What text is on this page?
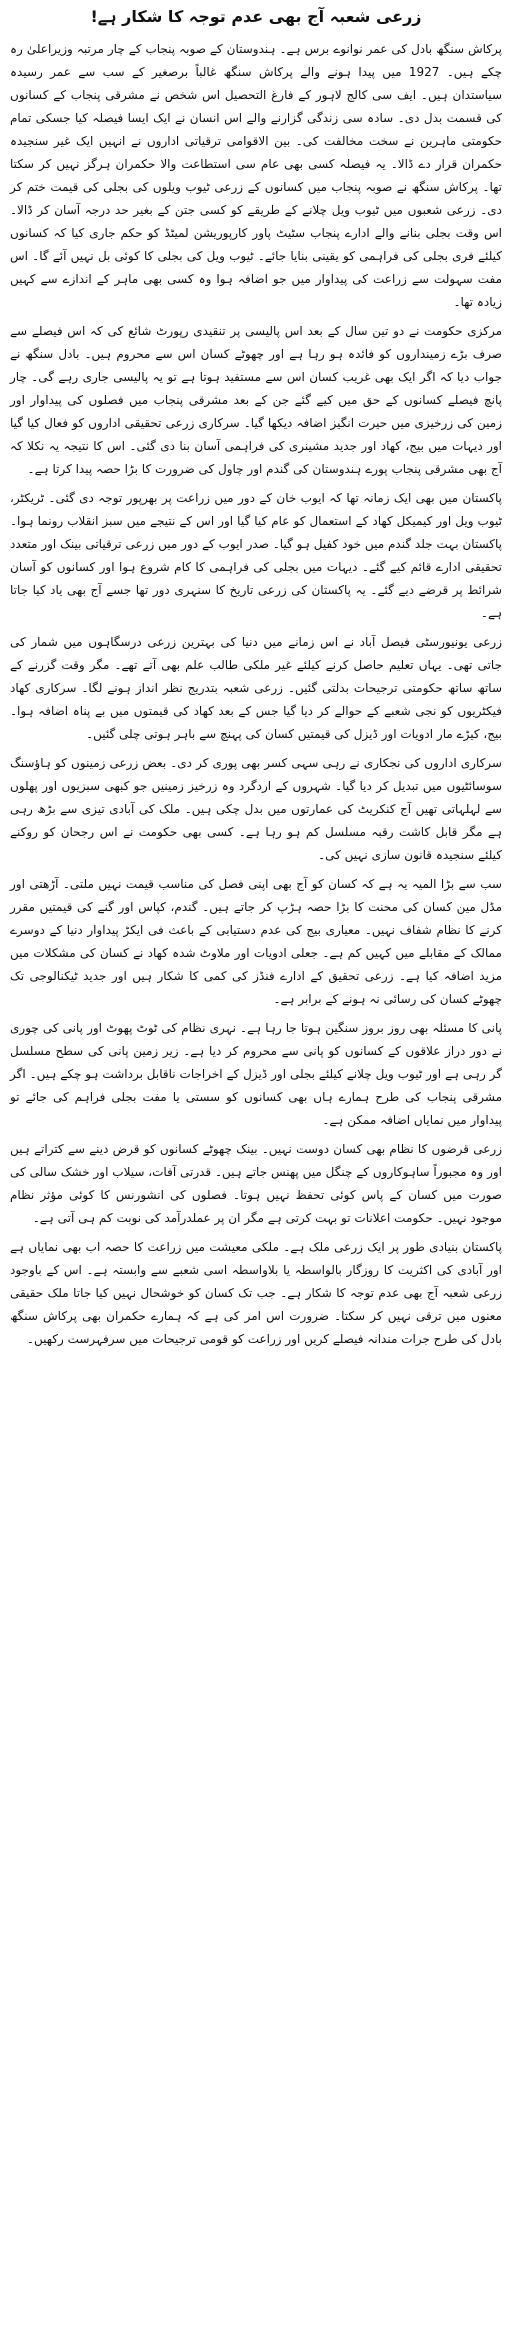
زرعی شعبہ آج بھی عدم توجہ کا شکار ہے!

پرکاش سنگھ بادل کی عمر نوانوے برس ہے۔ ہندوستان کے صوبہ پنجاب کے چار مرتبہ وزیراعلیٰ رہ چکے ہیں۔ 1927 میں پیدا ہونے والے پرکاش سنگھ غالباً برصغیر کے سب سے عمر رسیدہ سیاستدان ہیں۔ ایف سی کالج لاہور کے فارغ التحصیل اس شخص نے مشرقی پنجاب کے کسانوں کی قسمت بدل دی۔ سادہ سی زندگی گزارنے والے اس انسان نے ایک ایسا فیصلہ کیا جسکی تمام حکومتی ماہرین نے سخت مخالفت کی۔ بین الاقوامی ترقیاتی اداروں نے انہیں ایک غیر سنجیدہ حکمران قرار دے ڈالا۔ یہ فیصلہ کسی بھی عام سی استطاعت والا حکمران ہرگز نہیں کر سکتا تھا۔ پرکاش سنگھ نے صوبہ پنجاب میں کسانوں کے زرعی ٹیوب ویلوں کی بجلی کی قیمت ختم کر دی۔ زرعی شعبوں میں ٹیوب ویل چلانے کے طریقے کو کسی جتن کے بغیر حد درجہ آسان کر ڈالا۔ اس وقت بجلی بنانے والے ادارے پنجاب سٹیٹ پاور کارپوریشن لمیٹڈ کو حکم جاری کیا کہ کسانوں کیلئے فری بجلی کی فراہمی کو یقینی بنایا جائے۔ ٹیوب ویل کی بجلی کا کوئی بل نہیں آئے گا۔ اس مفت سہولت سے زراعت کی پیداوار میں جو اضافہ ہوا وہ کسی بھی ماہر کے اندازے سے کہیں زیادہ تھا۔

مرکزی حکومت نے دو تین سال کے بعد اس پالیسی پر تنقیدی رپورٹ شائع کی کہ اس فیصلے سے صرف بڑے زمینداروں کو فائدہ ہو رہا ہے اور چھوٹے کسان اس سے محروم ہیں۔ بادل سنگھ نے جواب دیا کہ اگر ایک بھی غریب کسان اس سے مستفید ہوتا ہے تو یہ پالیسی جاری رہے گی۔ چار پانچ فیصلے کسانوں کے حق میں کیے گئے جن کے بعد مشرقی پنجاب میں فصلوں کی پیداوار اور زمین کی زرخیزی میں حیرت انگیز اضافہ دیکھا گیا۔ سرکاری زرعی تحقیقی اداروں کو فعال کیا گیا اور دیہات میں بیج، کھاد اور جدید مشینری کی فراہمی آسان بنا دی گئی۔ اس کا نتیجہ یہ نکلا کہ آج بھی مشرقی پنجاب پورے ہندوستان کی گندم اور چاول کی ضرورت کا بڑا حصہ پیدا کرتا ہے۔

پاکستان میں بھی ایک زمانہ تھا کہ ایوب خان کے دور میں زراعت پر بھرپور توجہ دی گئی۔ ٹریکٹر، ٹیوب ویل اور کیمیکل کھاد کے استعمال کو عام کیا گیا اور اس کے نتیجے میں سبز انقلاب رونما ہوا۔ پاکستان بہت جلد گندم میں خود کفیل ہو گیا۔ صدر ایوب کے دور میں زرعی ترقیاتی بینک اور متعدد تحقیقی ادارے قائم کیے گئے۔ دیہات میں بجلی کی فراہمی کا کام شروع ہوا اور کسانوں کو آسان شرائط پر قرضے دیے گئے۔ یہ پاکستان کی زرعی تاریخ کا سنہری دور تھا جسے آج بھی یاد کیا جاتا ہے۔

زرعی یونیورسٹی فیصل آباد نے اس زمانے میں دنیا کی بہترین زرعی درسگاہوں میں شمار کی جاتی تھی۔ یہاں تعلیم حاصل کرنے کیلئے غیر ملکی طالب علم بھی آتے تھے۔ مگر وقت گزرنے کے ساتھ ساتھ حکومتی ترجیحات بدلتی گئیں۔ زرعی شعبہ بتدریج نظر انداز ہونے لگا۔ سرکاری کھاد فیکٹریوں کو نجی شعبے کے حوالے کر دیا گیا جس کے بعد کھاد کی قیمتوں میں بے پناہ اضافہ ہوا۔ بیج، کیڑے مار ادویات اور ڈیزل کی قیمتیں کسان کی پہنچ سے باہر ہوتی چلی گئیں۔

سرکاری اداروں کی نجکاری نے رہی سہی کسر بھی پوری کر دی۔ بعض زرعی زمینوں کو ہاؤسنگ سوسائٹیوں میں تبدیل کر دیا گیا۔ شہروں کے اردگرد وہ زرخیز زمینیں جو کبھی سبزیوں اور پھلوں سے لہلہاتی تھیں آج کنکریٹ کی عمارتوں میں بدل چکی ہیں۔ ملک کی آبادی تیزی سے بڑھ رہی ہے مگر قابل کاشت رقبہ مسلسل کم ہو رہا ہے۔ کسی بھی حکومت نے اس رجحان کو روکنے کیلئے سنجیدہ قانون سازی نہیں کی۔

سب سے بڑا المیہ یہ ہے کہ کسان کو آج بھی اپنی فصل کی مناسب قیمت نہیں ملتی۔ آڑھتی اور مڈل مین کسان کی محنت کا بڑا حصہ ہڑپ کر جاتے ہیں۔ گندم، کپاس اور گنے کی قیمتیں مقرر کرنے کا نظام شفاف نہیں۔ معیاری بیج کی عدم دستیابی کے باعث فی ایکڑ پیداوار دنیا کے دوسرے ممالک کے مقابلے میں کہیں کم ہے۔ جعلی ادویات اور ملاوٹ شدہ کھاد نے کسان کی مشکلات میں مزید اضافہ کیا ہے۔ زرعی تحقیق کے ادارے فنڈز کی کمی کا شکار ہیں اور جدید ٹیکنالوجی تک چھوٹے کسان کی رسائی نہ ہونے کے برابر ہے۔

پانی کا مسئلہ بھی روز بروز سنگین ہوتا جا رہا ہے۔ نہری نظام کی ٹوٹ پھوٹ اور پانی کی چوری نے دور دراز علاقوں کے کسانوں کو پانی سے محروم کر دیا ہے۔ زیر زمین پانی کی سطح مسلسل گر رہی ہے اور ٹیوب ویل چلانے کیلئے بجلی اور ڈیزل کے اخراجات ناقابل برداشت ہو چکے ہیں۔ اگر مشرقی پنجاب کی طرح ہمارے ہاں بھی کسانوں کو سستی یا مفت بجلی فراہم کی جائے تو پیداوار میں نمایاں اضافہ ممکن ہے۔

زرعی قرضوں کا نظام بھی کسان دوست نہیں۔ بینک چھوٹے کسانوں کو قرض دینے سے کتراتے ہیں اور وہ مجبوراً ساہوکاروں کے چنگل میں پھنس جاتے ہیں۔ قدرتی آفات، سیلاب اور خشک سالی کی صورت میں کسان کے پاس کوئی تحفظ نہیں ہوتا۔ فصلوں کی انشورنس کا کوئی مؤثر نظام موجود نہیں۔ حکومت اعلانات تو بہت کرتی ہے مگر ان پر عملدرآمد کی نوبت کم ہی آتی ہے۔

پاکستان بنیادی طور پر ایک زرعی ملک ہے۔ ملکی معیشت میں زراعت کا حصہ اب بھی نمایاں ہے اور آبادی کی اکثریت کا روزگار بالواسطہ یا بلاواسطہ اسی شعبے سے وابستہ ہے۔ اس کے باوجود زرعی شعبہ آج بھی عدم توجہ کا شکار ہے۔ جب تک کسان کو خوشحال نہیں کیا جاتا ملک حقیقی معنوں میں ترقی نہیں کر سکتا۔ ضرورت اس امر کی ہے کہ ہمارے حکمران بھی پرکاش سنگھ بادل کی طرح جرات مندانہ فیصلے کریں اور زراعت کو قومی ترجیحات میں سرفہرست رکھیں۔
